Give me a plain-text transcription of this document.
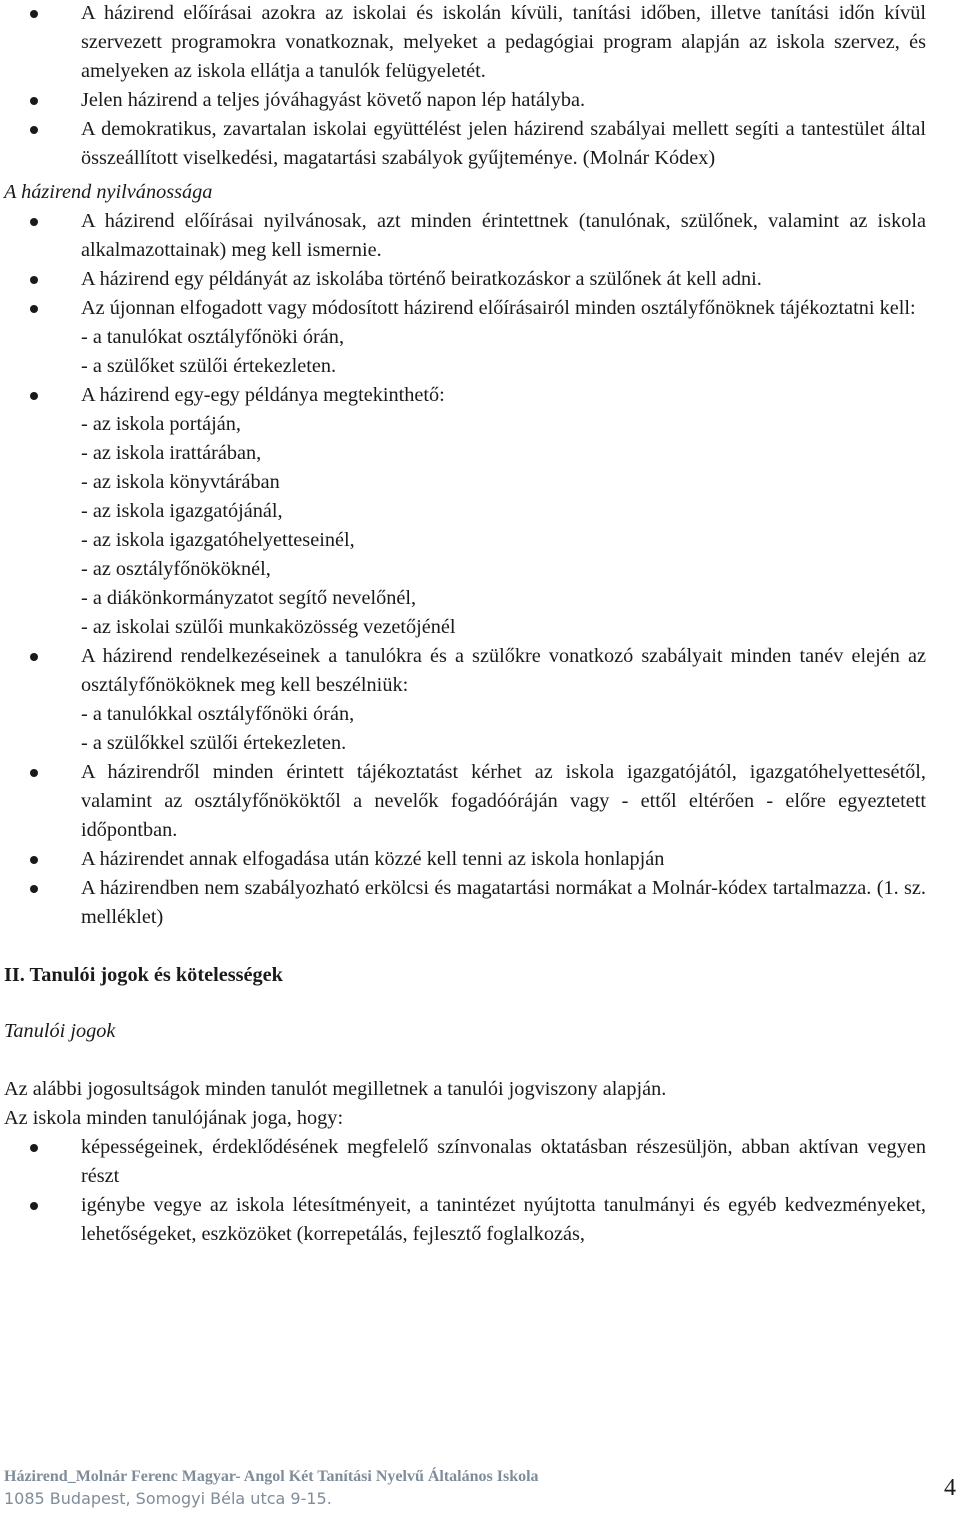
A házirend előírásai azokra az iskolai és iskolán kívüli, tanítási időben, illetve tanítási időn kívül szervezett programokra vonatkoznak, melyeket a pedagógiai program alapján az iskola szervez, és amelyeken az iskola ellátja a tanulók felügyeletét.
Jelen házirend a teljes jóváhagyást követő napon lép hatályba.
A demokratikus, zavartalan iskolai együttélést jelen házirend szabályai mellett segíti a tantestület által összeállított viselkedési, magatartási szabályok gyűjteménye. (Molnár Kódex)
A házirend nyilvánossága
A házirend előírásai nyilvánosak, azt minden érintettnek (tanulónak, szülőnek, valamint az iskola alkalmazottainak) meg kell ismernie.
A házirend egy példányát az iskolába történő beiratkozáskor a szülőnek át kell adni.
Az újonnan elfogadott vagy módosított házirend előírásairól minden osztályfőnöknek tájékoztatni kell:
- a tanulókat osztályfőnöki órán,
- a szülőket szülői értekezleten.
A házirend egy-egy példánya megtekinthető:
- az iskola portáján,
- az iskola irattárában,
- az iskola könyvtárában
- az iskola igazgatójánál,
- az iskola igazgatóhelyetteseinél,
- az osztályfőnököknél,
- a diákönkormányzatot segítő nevelőnél,
- az iskolai szülői munkaközösség vezetőjénél
A házirend rendelkezéseinek a tanulókra és a szülőkre vonatkozó szabályait minden tanév elején az osztályfőnököknek meg kell beszélniük:
- a tanulókkal osztályfőnöki órán,
- a szülőkkel szülői értekezleten.
A házirendről minden érintett tájékoztatást kérhet az iskola igazgatójától, igazgatóhelyettesétől, valamint az osztályfőnököktől a nevelők fogadóóráján vagy - ettől eltérően - előre egyeztetett időpontban.
A házirendet annak elfogadása után közzé kell tenni az iskola honlapján
A házirendben nem szabályozható erkölcsi és magatartási normákat a Molnár-kódex tartalmazza. (1. sz. melléklet)
II. Tanulói jogok és kötelességek
Tanulói jogok

Az alábbi jogosultságok minden tanulót megilletnek a tanulói jogviszony alapján.

Az iskola minden tanulójának joga, hogy:

képességeinek, érdeklődésének megfelelő színvonalas oktatásban részesüljön, abban aktívan vegyen részt
igénybe vegye az iskola létesítményeit, a tanintézet nyújtotta tanulmányi és egyéb kedvezményeket, lehetőségeket, eszközöket (korrepetálás, fejlesztő foglalkozás,
Házirend_Molnár Ferenc Magyar- Angol Két Tanítási Nyelvű Általános Iskola
1085 Budapest, Somogyi Béla utca 9-15.	4
